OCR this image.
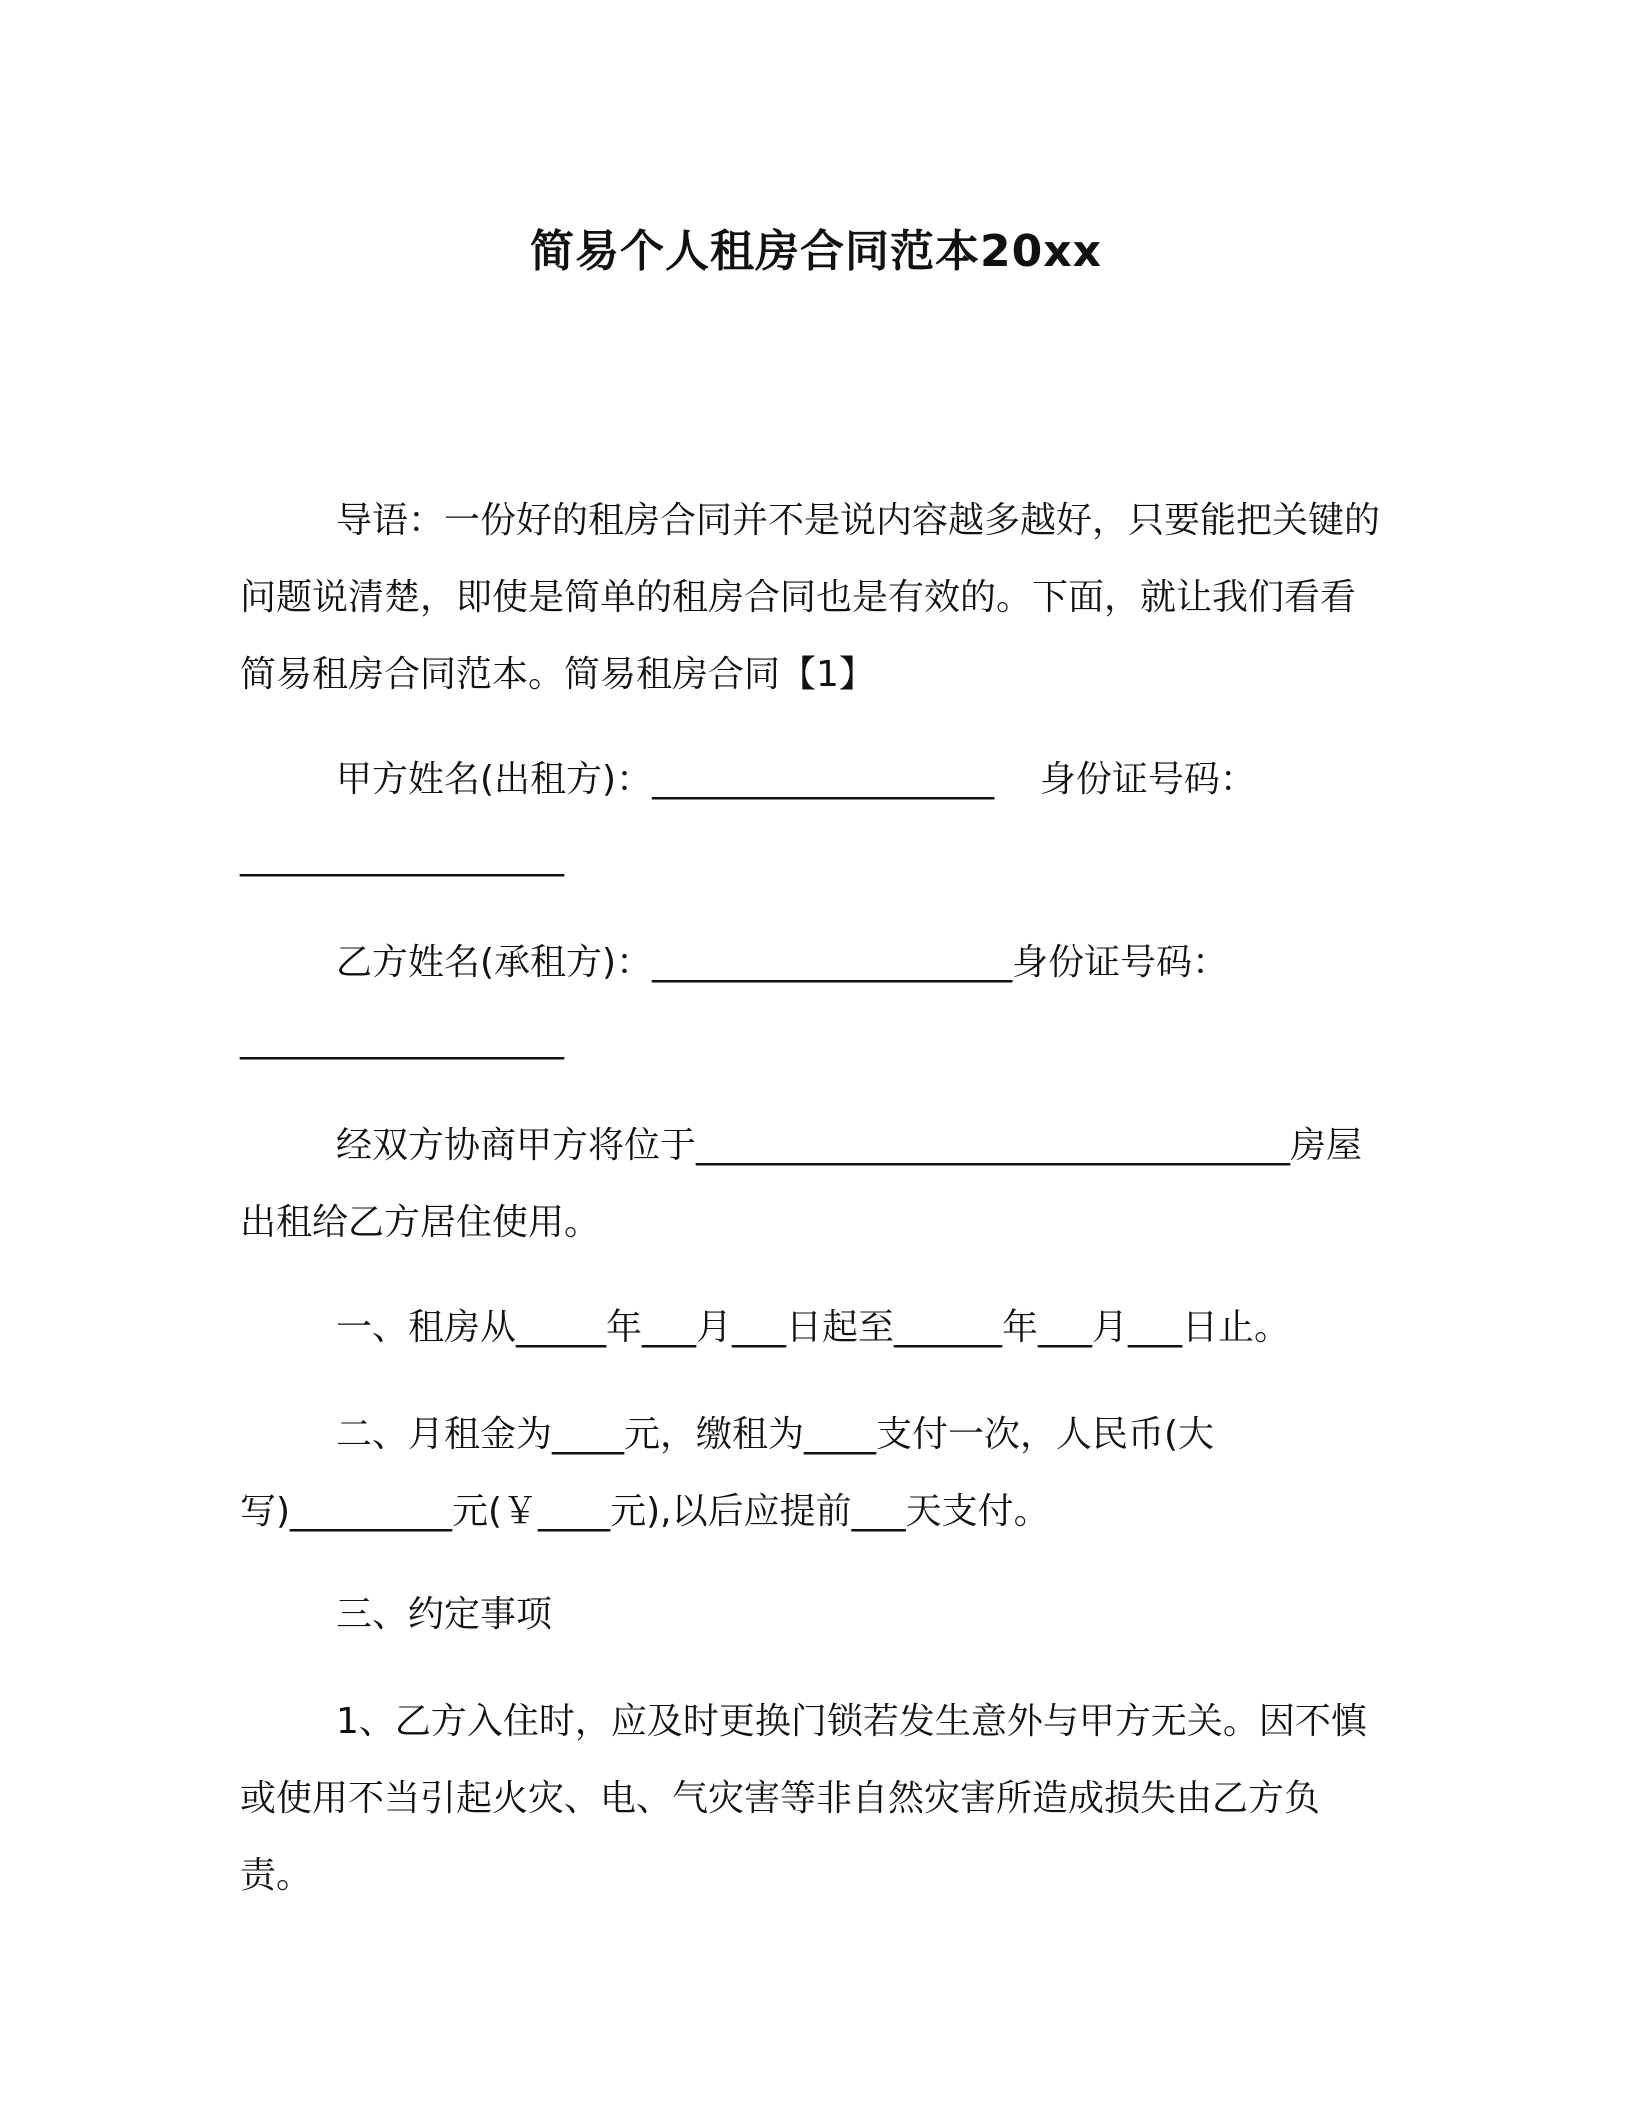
简易个人租房合同范本20xx

导语：一份好的租房合同并不是说内容越多越好，只要能把关键的问题说清楚，即使是简单的租房合同也是有效的。下面，就让我们看看简易租房合同范本。简易租房合同【1】

甲方姓名(出租方)：___________________    身份证号码：__________________

乙方姓名(承租方)：____________________身份证号码：__________________

经双方协商甲方将位于_________________________________房屋出租给乙方居住使用。

一、租房从_____年___月___日起至______年___月___日止。

二、月租金为____元，缴租为____支付一次，人民币(大写)_________元(￥____元),以后应提前___天支付。

三、约定事项

1、乙方入住时，应及时更换门锁若发生意外与甲方无关。因不慎或使用不当引起火灾、电、气灾害等非自然灾害所造成损失由乙方负责。
